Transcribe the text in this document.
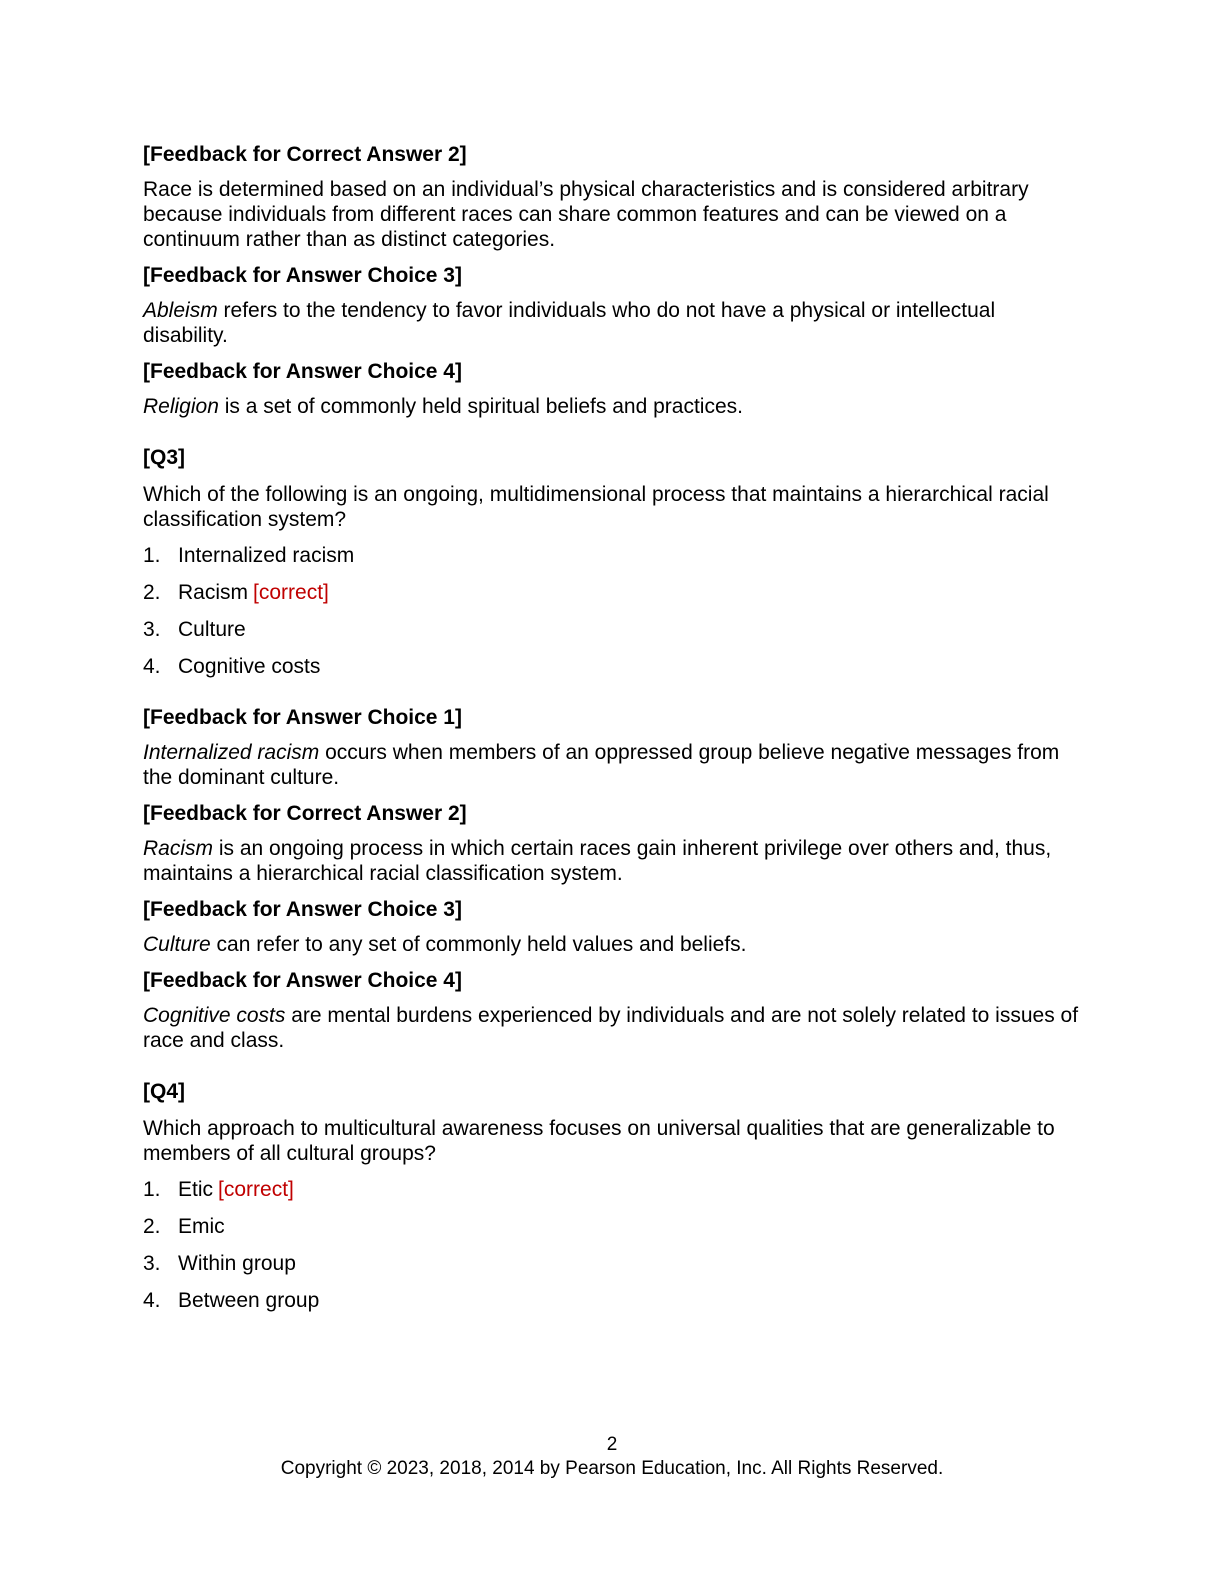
[Feedback for Correct Answer 2]

Race is determined based on an individual’s physical characteristics and is considered arbitrary because individuals from different races can share common features and can be viewed on a continuum rather than as distinct categories.

[Feedback for Answer Choice 3]

Ableism refers to the tendency to favor individuals who do not have a physical or intellectual disability.

[Feedback for Answer Choice 4]

Religion is a set of commonly held spiritual beliefs and practices.

[Q3]

Which of the following is an ongoing, multidimensional process that maintains a hierarchical racial classification system?

1. Internalized racism
2. Racism [correct]
3. Culture
4. Cognitive costs
[Feedback for Answer Choice 1]

Internalized racism occurs when members of an oppressed group believe negative messages from the dominant culture.

[Feedback for Correct Answer 2]

Racism is an ongoing process in which certain races gain inherent privilege over others and, thus, maintains a hierarchical racial classification system.

[Feedback for Answer Choice 3]

Culture can refer to any set of commonly held values and beliefs.

[Feedback for Answer Choice 4]

Cognitive costs are mental burdens experienced by individuals and are not solely related to issues of race and class.

[Q4]

Which approach to multicultural awareness focuses on universal qualities that are generalizable to members of all cultural groups?

1. Etic [correct]
2. Emic
3. Within group
4. Between group
2
Copyright © 2023, 2018, 2014 by Pearson Education, Inc. All Rights Reserved.
